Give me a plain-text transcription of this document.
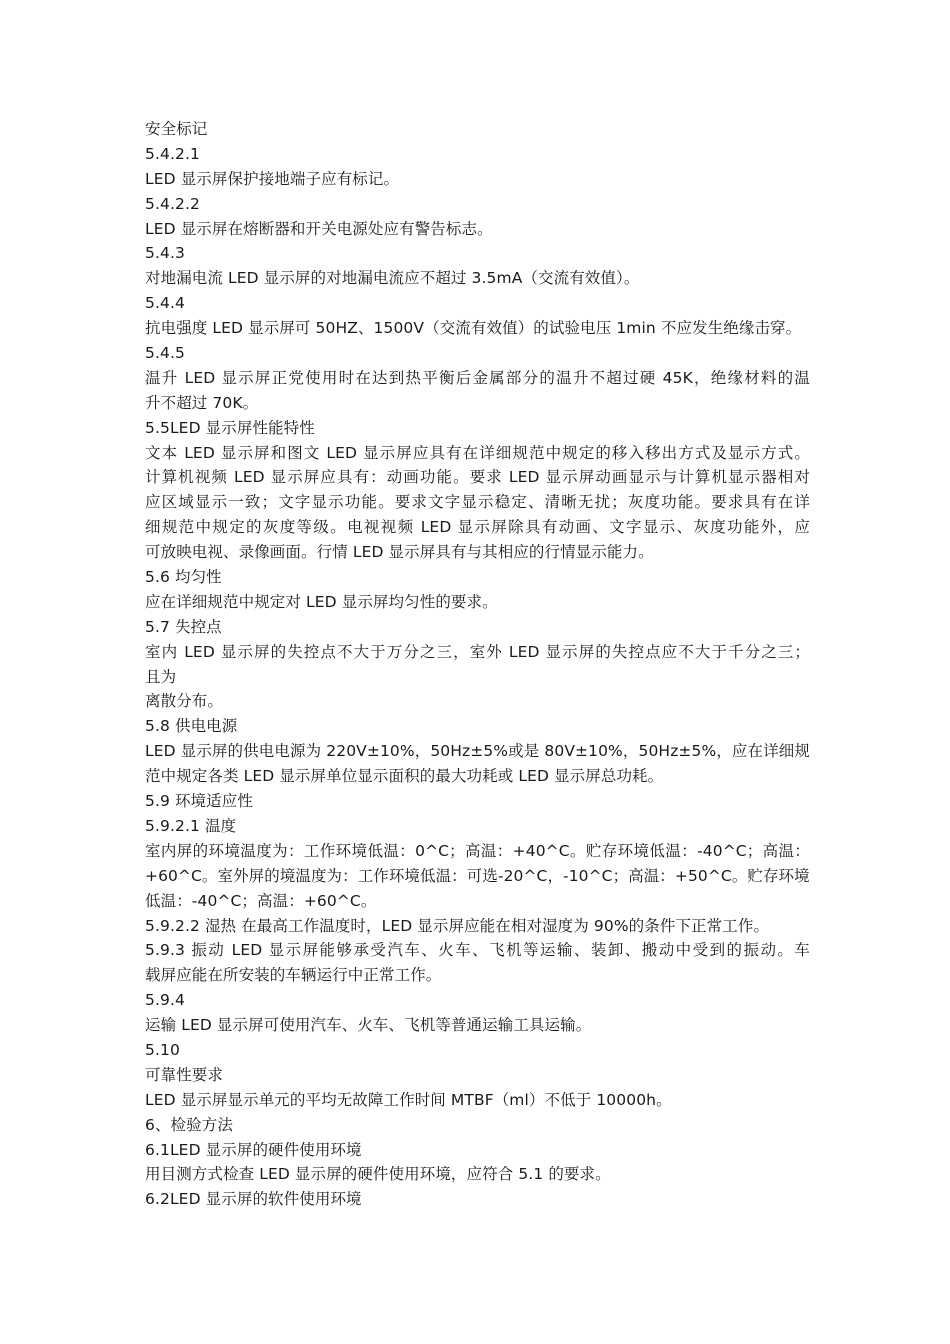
安全标记
5.4.2.1
LED 显示屏保护接地端子应有标记。
5.4.2.2
LED 显示屏在熔断器和开关电源处应有警告标志。
5.4.3
对地漏电流 LED 显示屏的对地漏电流应不超过 3.5mA（交流有效值）。
5.4.4
抗电强度 LED 显示屏可 50HZ、1500V（交流有效值）的试验电压 1min 不应发生绝缘击穿。
5.4.5
温升 LED 显示屏正党使用时在达到热平衡后金属部分的温升不超过硬 45K，绝缘材料的温
升不超过 70K。
5.5LED 显示屏性能特性
文本 LED 显示屏和图文 LED 显示屏应具有在详细规范中规定的移入移出方式及显示方式。
计算机视频 LED 显示屏应具有：动画功能。要求 LED 显示屏动画显示与计算机显示器相对
应区域显示一致；文字显示功能。要求文字显示稳定、清晰无扰；灰度功能。要求具有在详
细规范中规定的灰度等级。电视视频 LED 显示屏除具有动画、文字显示、灰度功能外，应
可放映电视、录像画面。行情 LED 显示屏具有与其相应的行情显示能力。
5.6 均匀性
应在详细规范中规定对 LED 显示屏均匀性的要求。
5.7 失控点
室内 LED 显示屏的失控点不大于万分之三，室外 LED 显示屏的失控点应不大于千分之三；
且为
离散分布。
5.8 供电电源
LED 显示屏的供电电源为 220V±10%，50Hz±5%或是 80V±10%，50Hz±5%，应在详细规
范中规定各类 LED 显示屏单位显示面积的最大功耗或 LED 显示屏总功耗。
5.9 环境适应性
5.9.2.1 温度
室内屏的环境温度为：工作环境低温：0^C；高温：+40^C。贮存环境低温：-40^C；高温：
+60^C。室外屏的境温度为：工作环境低温：可选-20^C，-10^C；高温：+50^C。贮存环境
低温：-40^C；高温：+60^C。
5.9.2.2 湿热 在最高工作温度时，LED 显示屏应能在相对湿度为 90%的条件下正常工作。
5.9.3 振动 LED 显示屏能够承受汽车、火车、飞机等运输、装卸、搬动中受到的振动。车
载屏应能在所安装的车辆运行中正常工作。
5.9.4
运输 LED 显示屏可使用汽车、火车、飞机等普通运输工具运输。
5.10
可靠性要求
LED 显示屏显示单元的平均无故障工作时间 MTBF（ml）不低于 10000h。
6、检验方法
6.1LED 显示屏的硬件使用环境
用目测方式检查 LED 显示屏的硬件使用环境，应符合 5.1 的要求。
6.2LED 显示屏的软件使用环境
